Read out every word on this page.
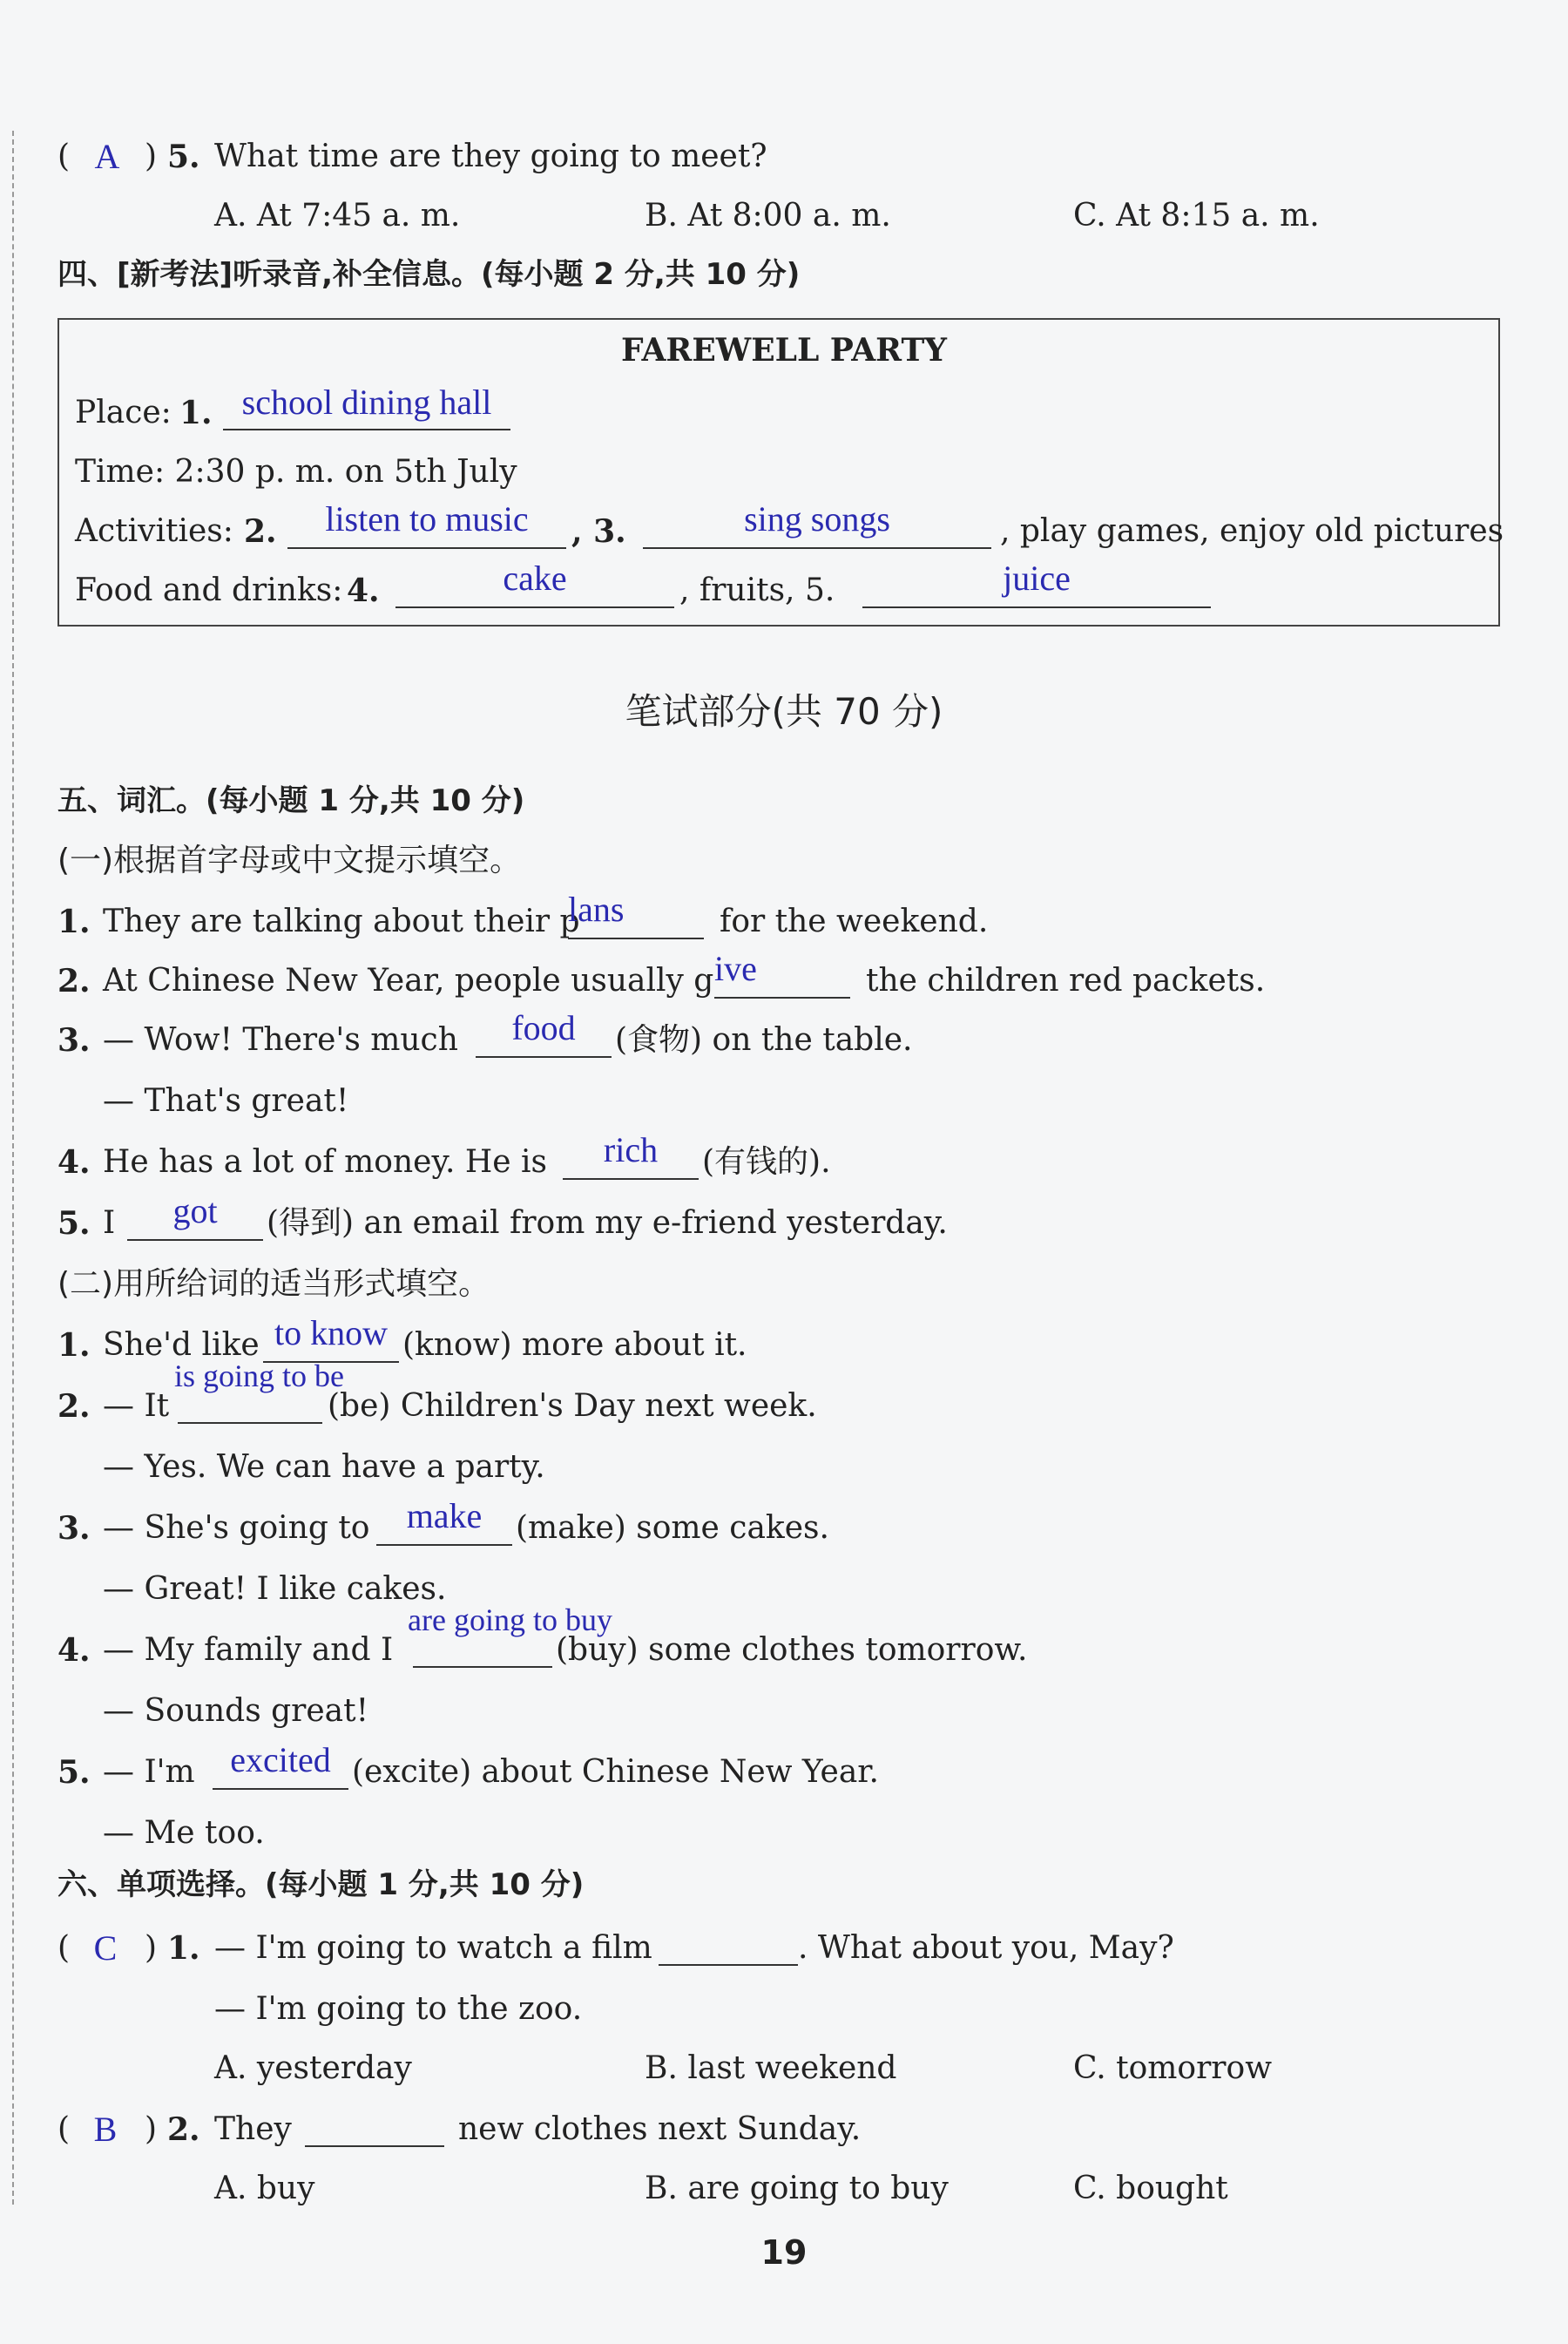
( A ) 5. What time are they going to meet?
A. At 7:45 a. m.	B. At 8:00 a. m.	C. At 8:15 a. m.
四、[新考法]听录音,补全信息。(每小题 2 分,共 10 分)
FAREWELL PARTY
Place: 1. school dining hall
Time: 2:30 p. m. on 5th July
Activities: 2.	listen to music	, 3.	sing songs	, play games, enjoy old pictures
Food and drinks: 4.	cake	, fruits, 5.	juice
笔试部分(共 70 分)
五、词汇。(每小题 1 分,共 10 分)
(一)根据首字母或中文提示填空。
1. They are talking about their p
lans	for the weekend.
2. At Chinese New Year, people usually g ive	the children red packets.
3. — Wow! There's much	food	(食物) on the table.
— That's great!
4. He has a lot of money. He is	rich	(有钱的).
5. I	got	(得到) an email from my e-friend yesterday.
(二)用所给词的适当形式填空。
1. She'd like to know (know) more about it.
2. — It
is going to be
(be) Children's Day next week.
— Yes. We can have a party.
3. — She's going to	make	(make) some cakes.
— Great! I like cakes.
4. — My family and I
are going to buy
(buy) some clothes tomorrow.
— Sounds great!
5. — I'm	excited (excite) about Chinese New Year.
— Me too.
六、单项选择。(每小题 1 分,共 10 分)
( C ) 1. — I'm going to watch a film	. What about you, May?
— I'm going to the zoo.
A. yesterday	B. last weekend	C. tomorrow
( B ) 2. They	new clothes next Sunday.
A. buy	B. are going to buy	C. bought
19
